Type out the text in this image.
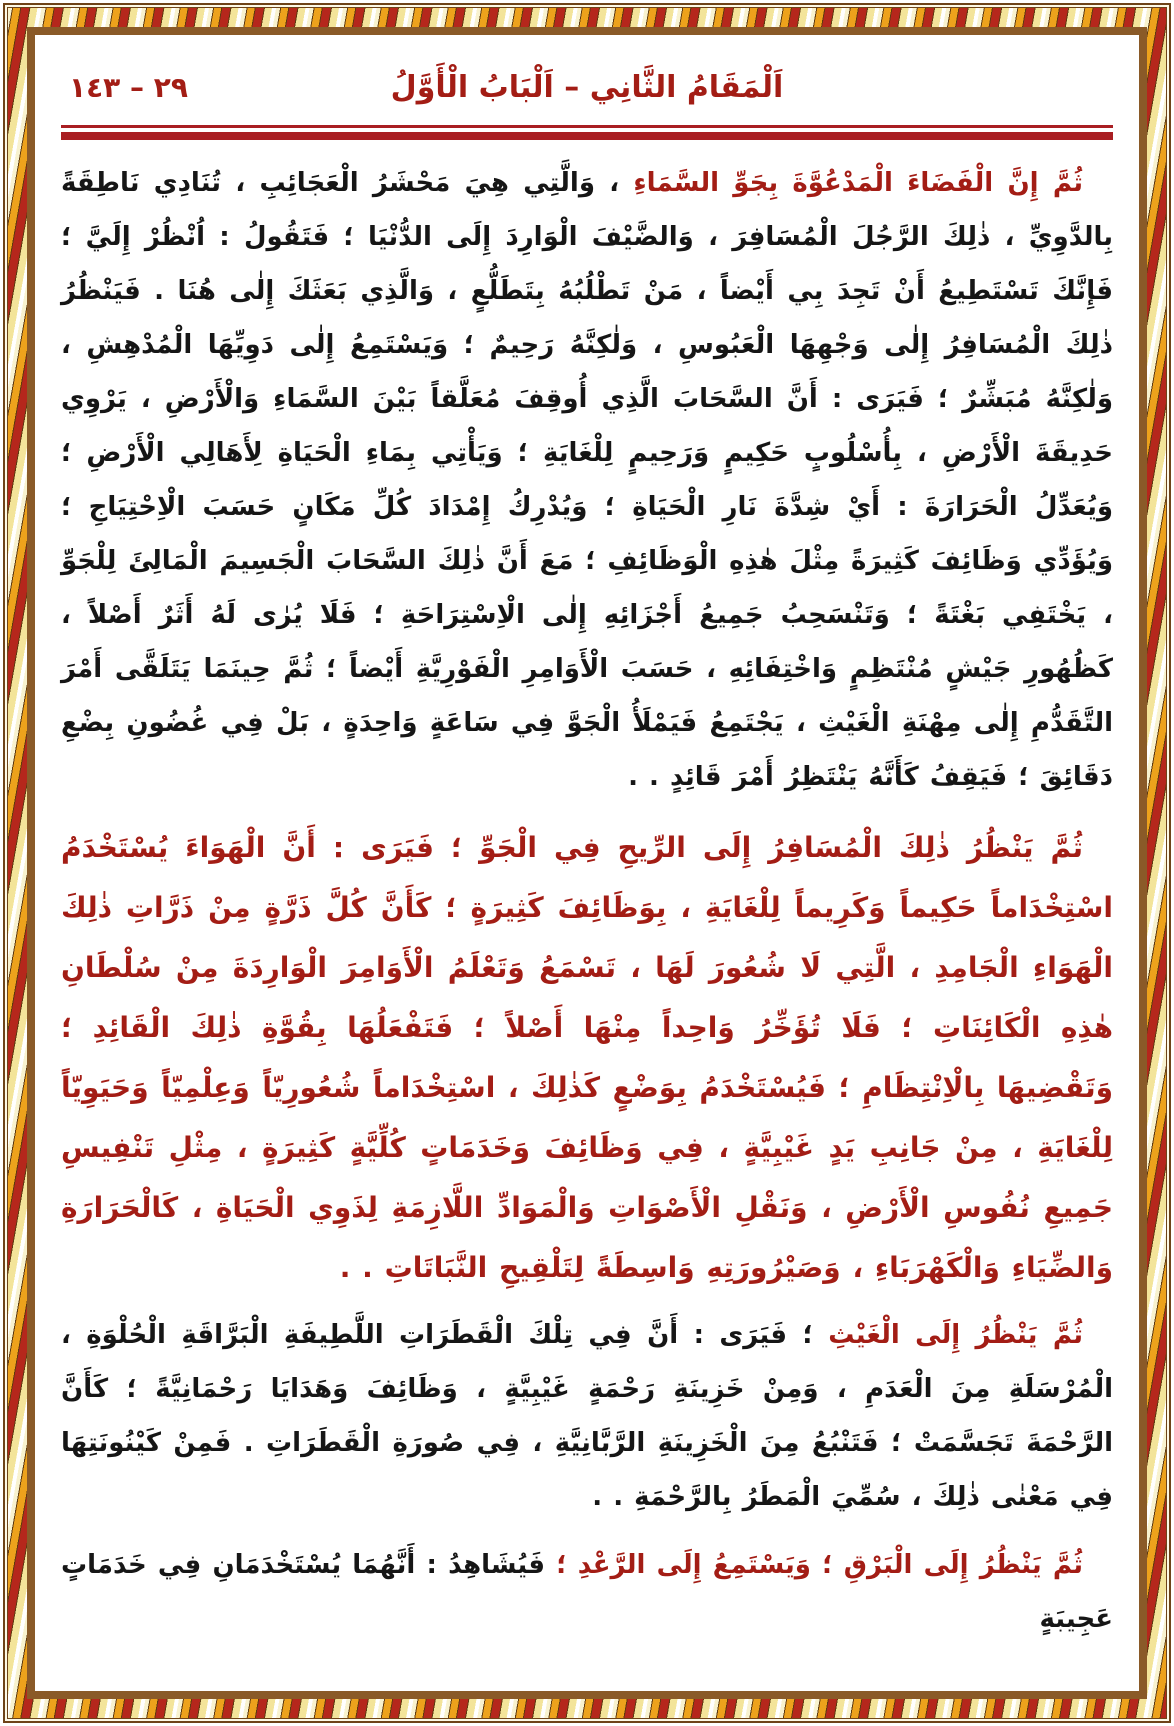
اَلْمَقَامُ الثَّانِي – اَلْبَابُ الْأَوَّلُ
٢٩ – ١٤٣

ثُمَّ إِنَّ الْفَضَاءَ الْمَدْعُوَّةَ بِجَوِّ السَّمَاءِ ، وَالَّتِي هِيَ مَحْشَرُ الْعَجَائِبِ ، تُنَادِي نَاطِقَةً بِالدَّوِيِّ ، ذٰلِكَ الرَّجُلَ الْمُسَافِرَ ، وَالضَّيْفَ الْوَارِدَ إِلَى الدُّنْيَا ؛ فَتَقُولُ : اُنْظُرْ إِلَيَّ ؛ فَإِنَّكَ تَسْتَطِيعُ أَنْ تَجِدَ بِي أَيْضاً ، مَنْ تَطْلُبُهُ بِتَطَلُّعٍ ، وَالَّذِي بَعَثَكَ إِلٰى هُنَا . فَيَنْظُرُ ذٰلِكَ الْمُسَافِرُ إِلٰى وَجْهِهَا الْعَبُوسِ ، وَلٰكِنَّهُ رَحِيمٌ ؛ وَيَسْتَمِعُ إِلٰى دَوِيِّهَا الْمُدْهِشِ ، وَلٰكِنَّهُ مُبَشِّرٌ ؛ فَيَرَى : أَنَّ السَّحَابَ الَّذِي أُوقِفَ مُعَلَّقاً بَيْنَ السَّمَاءِ وَالْأَرْضِ ، يَرْوِي حَدِيقَةَ الْأَرْضِ ، بِأُسْلُوبٍ حَكِيمٍ وَرَحِيمٍ لِلْغَايَةِ ؛ وَيَأْتِي بِمَاءِ الْحَيَاةِ لِأَهَالِي الْأَرْضِ ؛ وَيُعَدِّلُ الْحَرَارَةَ : أَيْ شِدَّةَ نَارِ الْحَيَاةِ ؛ وَيُدْرِكُ إِمْدَادَ كُلِّ مَكَانٍ حَسَبَ الْاِحْتِيَاجِ ؛ وَيُؤَدِّي وَظَائِفَ كَثِيرَةً مِثْلَ هٰذِهِ الْوَظَائِفِ ؛ مَعَ أَنَّ ذٰلِكَ السَّحَابَ الْجَسِيمَ الْمَالِئَ لِلْجَوِّ ، يَخْتَفِي بَغْتَةً ؛ وَتَنْسَحِبُ جَمِيعُ أَجْزَائِهِ إِلٰى الْاِسْتِرَاحَةِ ؛ فَلَا يُرٰى لَهُ أَثَرٌ أَصْلاً ، كَظُهُورِ جَيْشٍ مُنْتَظِمٍ وَاخْتِفَائِهِ ، حَسَبَ الْأَوَامِرِ الْفَوْرِيَّةِ أَيْضاً ؛ ثُمَّ حِينَمَا يَتَلَقَّى أَمْرَ التَّقَدُّمِ إِلٰى مِهْنَةِ الْغَيْثِ ، يَجْتَمِعُ فَيَمْلَأُ الْجَوَّ فِي سَاعَةٍ وَاحِدَةٍ ، بَلْ فِي غُضُونِ بِضْعِ دَقَائِقَ ؛ فَيَقِفُ كَأَنَّهُ يَنْتَظِرُ أَمْرَ قَائِدٍ . .

ثُمَّ يَنْظُرُ ذٰلِكَ الْمُسَافِرُ إِلَى الرِّيحِ فِي الْجَوِّ ؛ فَيَرَى : أَنَّ الْهَوَاءَ يُسْتَخْدَمُ اسْتِخْدَاماً حَكِيماً وَكَرِيماً لِلْغَايَةِ ، بِوَظَائِفَ كَثِيرَةٍ ؛ كَأَنَّ كُلَّ ذَرَّةٍ مِنْ ذَرَّاتِ ذٰلِكَ الْهَوَاءِ الْجَامِدِ ، الَّتِي لَا شُعُورَ لَهَا ، تَسْمَعُ وَتَعْلَمُ الْأَوَامِرَ الْوَارِدَةَ مِنْ سُلْطَانِ هٰذِهِ الْكَائِنَاتِ ؛ فَلَا تُؤَخِّرُ وَاحِداً مِنْهَا أَصْلاً ؛ فَتَفْعَلُهَا بِقُوَّةِ ذٰلِكَ الْقَائِدِ ؛ وَتَقْضِيهَا بِالْاِنْتِظَامِ ؛ فَيُسْتَخْدَمُ بِوَضْعٍ كَذٰلِكَ ، اسْتِخْدَاماً شُعُورِيّاً وَعِلْمِيّاً وَحَيَوِيّاً لِلْغَايَةِ ، مِنْ جَانِبِ يَدٍ غَيْبِيَّةٍ ، فِي وَظَائِفَ وَخَدَمَاتٍ كُلِّيَّةٍ كَثِيرَةٍ ، مِثْلِ تَنْفِيسِ جَمِيعِ نُفُوسِ الْأَرْضِ ، وَنَقْلِ الْأَصْوَاتِ وَالْمَوَادِّ اللَّازِمَةِ لِذَوِي الْحَيَاةِ ، كَالْحَرَارَةِ وَالضِّيَاءِ وَالْكَهْرَبَاءِ ، وَصَيْرُورَتِهِ وَاسِطَةً لِتَلْقِيحِ النَّبَاتَاتِ . .

ثُمَّ يَنْظُرُ إِلَى الْغَيْثِ ؛ فَيَرَى : أَنَّ فِي تِلْكَ الْقَطَرَاتِ اللَّطِيفَةِ الْبَرَّاقَةِ الْحُلْوَةِ ، الْمُرْسَلَةِ مِنَ الْعَدَمِ ، وَمِنْ خَزِينَةِ رَحْمَةٍ غَيْبِيَّةٍ ، وَظَائِفَ وَهَدَايَا رَحْمَانِيَّةً ؛ كَأَنَّ الرَّحْمَةَ تَجَسَّمَتْ ؛ فَتَنْبُعُ مِنَ الْخَزِينَةِ الرَّبَّانِيَّةِ ، فِي صُورَةِ الْقَطَرَاتِ . فَمِنْ كَيْنُونَتِهَا فِي مَعْنٰى ذٰلِكَ ، سُمِّيَ الْمَطَرُ بِالرَّحْمَةِ . .

ثُمَّ يَنْظُرُ إِلَى الْبَرْقِ ؛ وَيَسْتَمِعُ إِلَى الرَّعْدِ ؛ فَيُشَاهِدُ : أَنَّهُمَا يُسْتَخْدَمَانِ فِي خَدَمَاتٍ عَجِيبَةٍ
